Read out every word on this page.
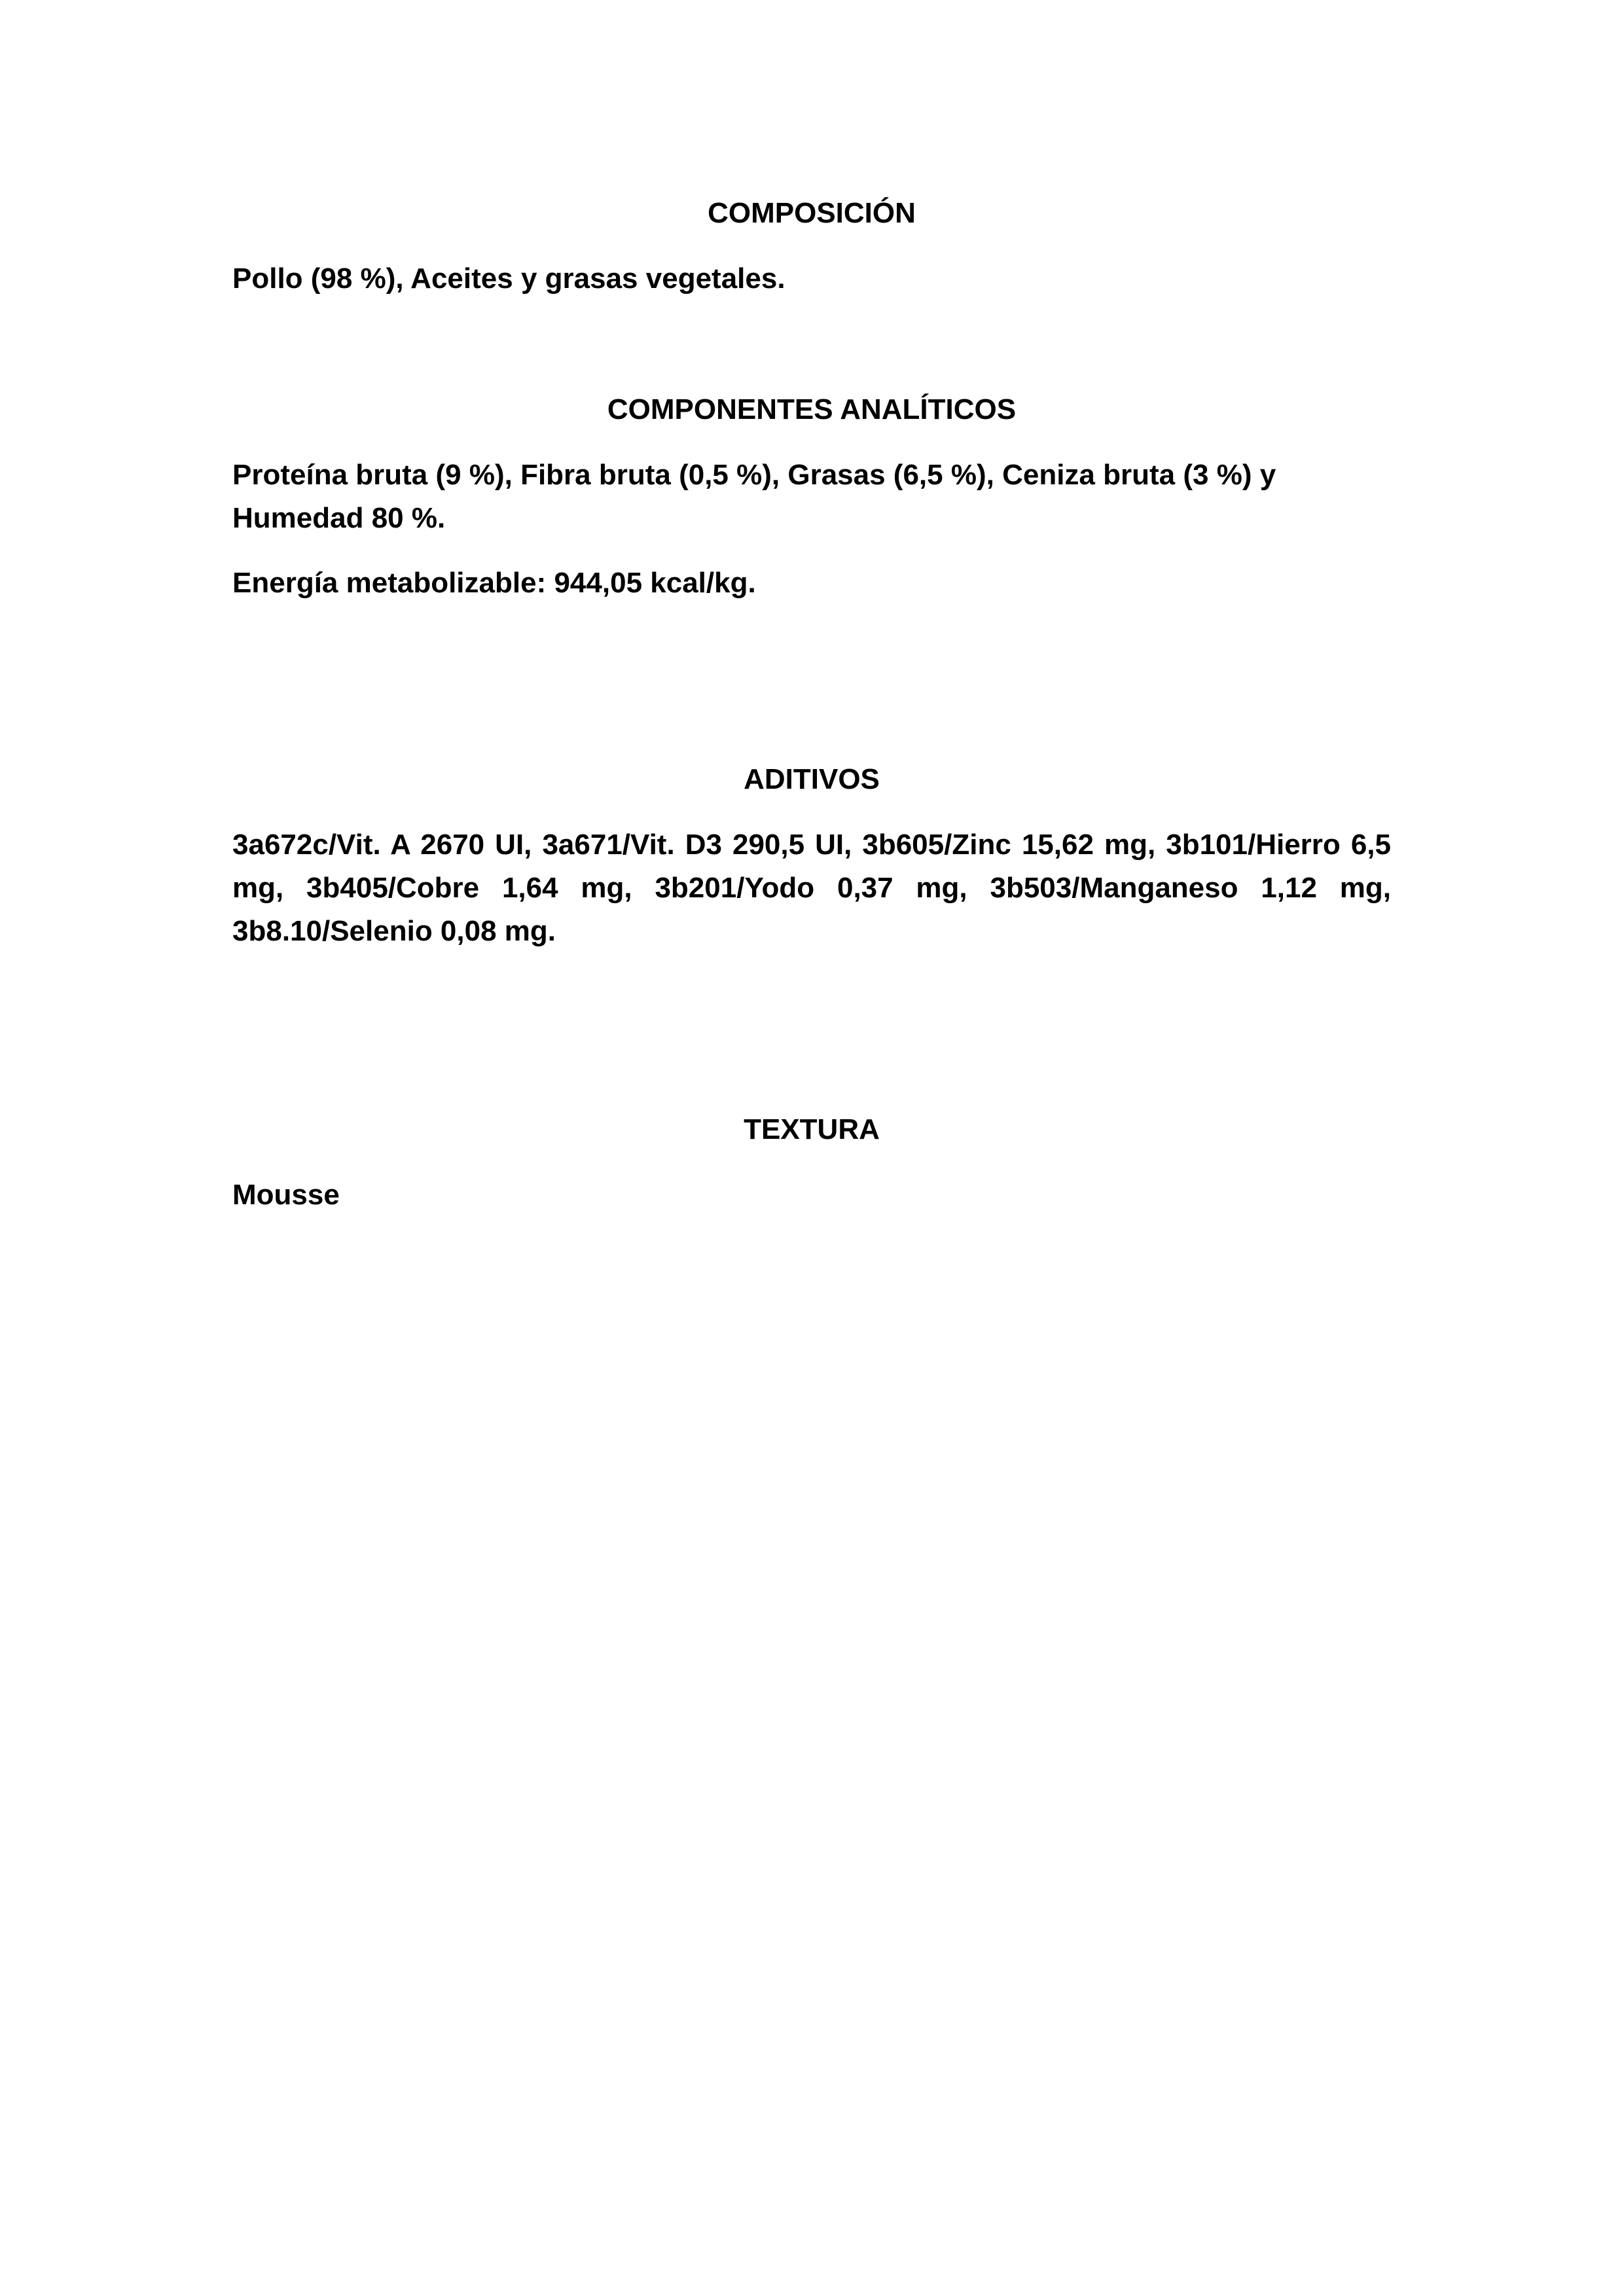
COMPOSICIÓN

Pollo (98 %), Aceites y grasas vegetales.

COMPONENTES ANALÍTICOS

Proteína bruta (9 %), Fibra bruta (0,5 %), Grasas (6,5 %), Ceniza bruta (3 %) y Humedad 80 %.

Energía metabolizable: 944,05 kcal/kg.

ADITIVOS

3a672c/Vit. A 2670 UI, 3a671/Vit. D3 290,5 UI, 3b605/Zinc 15,62 mg, 3b101/Hierro 6,5 mg, 3b405/Cobre 1,64 mg, 3b201/Yodo 0,37 mg, 3b503/Manganeso 1,12 mg, 3b8.10/Selenio 0,08 mg.

TEXTURA

Mousse
